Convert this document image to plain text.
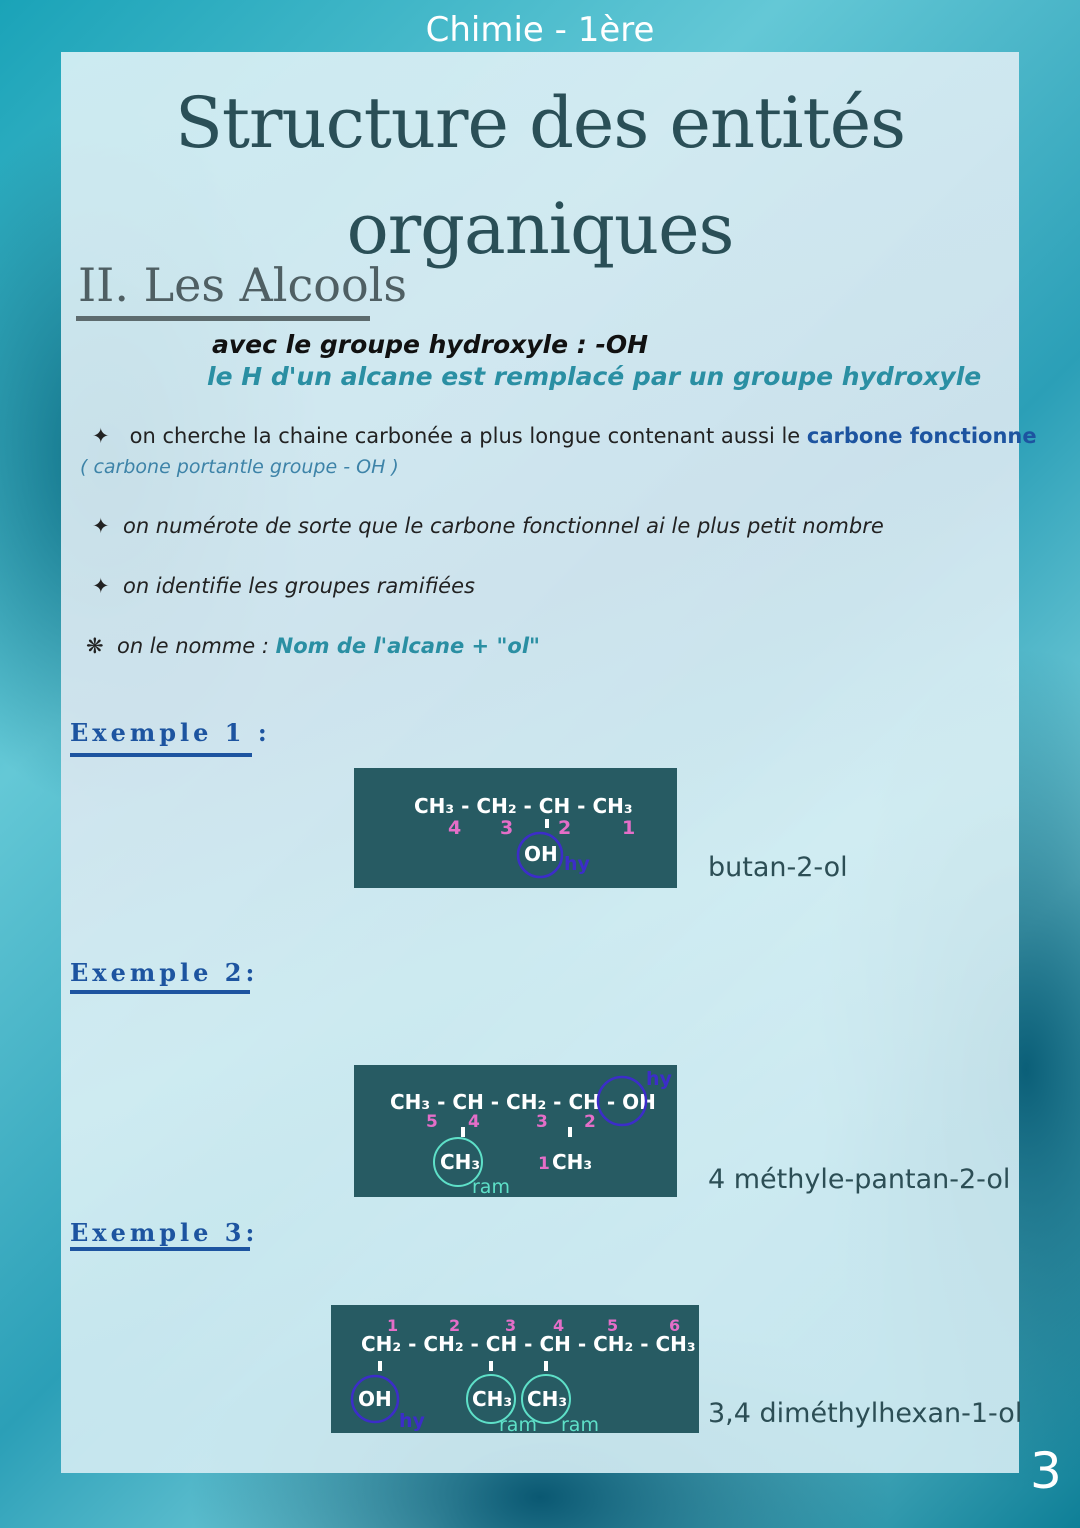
Chimie - 1ère
Structure des entités
organiques
II. Les Alcools
avec le groupe hydroxyle : -OH
le H d'un alcane est remplacé par un groupe hydroxyle
✦ on cherche la chaine carbonée a plus longue contenant aussi le carbone fonctionne
( carbone portantle groupe - OH )
✦ on numérote de sorte que le carbone fonctionnel ai le plus petit nombre
✦ on identifie les groupes ramifiées
❋ on le nomme : Nom de l'alcane + "ol"
Exemple 1 :
CH₃ - CH₂ - CH - CH₃
4 3 2	1
OH hy	butan-2-ol
Exemple 2:
CH₃ - CH - CH₂ - CH - OH
hy
5 4	3 2
1
CH₃	CH₃
ram	4 méthyle-pantan-2-ol
Exemple 3:
1	2	3 4	5	6
CH₂ - CH₂ - CH - CH - CH₂ - CH₃
OH
hy
CH₃ CH₃
ram ram	3,4 diméthylhexan-1-ol
3
